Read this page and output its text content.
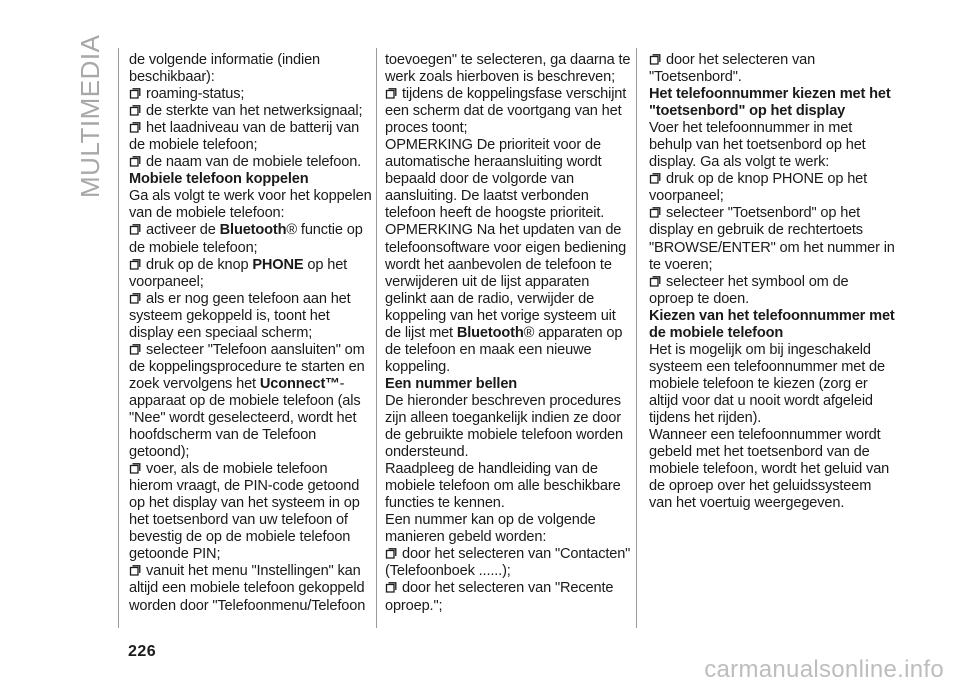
MULTIMEDIA de volgende informatie (indien beschikbaar):

roaming-status;

de sterkte van het netwerksignaal;

het laadniveau van de batterij van de mobiele telefoon;

de naam van de mobiele telefoon.

Mobiele telefoon koppelen

Ga als volgt te werk voor het koppelen van de mobiele telefoon:

activeer de Bluetooth® functie op de mobiele telefoon;

druk op de knop PHONE op het voorpaneel;

als er nog geen telefoon aan het systeem gekoppeld is, toont het display een speciaal scherm;

selecteer "Telefoon aansluiten" om de koppelingsprocedure te starten en zoek vervolgens het Uconnect™-apparaat op de mobiele telefoon (als "Nee" wordt geselecteerd, wordt het hoofdscherm van de Telefoon getoond);

voer, als de mobiele telefoon hierom vraagt, de PIN-code getoond op het display van het systeem in op het toetsenbord van uw telefoon of bevestig de op de mobiele telefoon getoonde PIN;

vanuit het menu "Instellingen" kan altijd een mobiele telefoon gekoppeld worden door "Telefoonmenu/Telefoon

toevoegen" te selecteren, ga daarna te werk zoals hierboven is beschreven;

tijdens de koppelingsfase verschijnt een scherm dat de voortgang van het proces toont;

OPMERKING De prioriteit voor de automatische heraansluiting wordt bepaald door de volgorde van aansluiting. De laatst verbonden telefoon heeft de hoogste prioriteit.

OPMERKING Na het updaten van de telefoonsoftware voor eigen bediening wordt het aanbevolen de telefoon te verwijderen uit de lijst apparaten gelinkt aan de radio, verwijder de koppeling van het vorige systeem uit de lijst met Bluetooth® apparaten op de telefoon en maak een nieuwe koppeling.

Een nummer bellen

De hieronder beschreven procedures zijn alleen toegankelijk indien ze door de gebruikte mobiele telefoon worden ondersteund.

Raadpleeg de handleiding van de mobiele telefoon om alle beschikbare functies te kennen.

Een nummer kan op de volgende manieren gebeld worden:

door het selecteren van "Contacten" (Telefoonboek ......);

door het selecteren van "Recente oproep.";

door het selecteren van "Toetsenbord".

Het telefoonnummer kiezen met het "toetsenbord" op het display

Voer het telefoonnummer in met behulp van het toetsenbord op het display. Ga als volgt te werk:

druk op de knop PHONE op het voorpaneel;

selecteer "Toetsenbord" op het display en gebruik de rechtertoets "BROWSE/ENTER" om het nummer in te voeren;

selecteer het symbool om de oproep te doen.

Kiezen van het telefoonnummer met de mobiele telefoon

Het is mogelijk om bij ingeschakeld systeem een telefoonnummer met de mobiele telefoon te kiezen (zorg er altijd voor dat u nooit wordt afgeleid tijdens het rijden).

Wanneer een telefoonnummer wordt gebeld met het toetsenbord van de mobiele telefoon, wordt het geluid van de oproep over het geluidssysteem van het voertuig weergegeven.

226
carmanualsonline.info
